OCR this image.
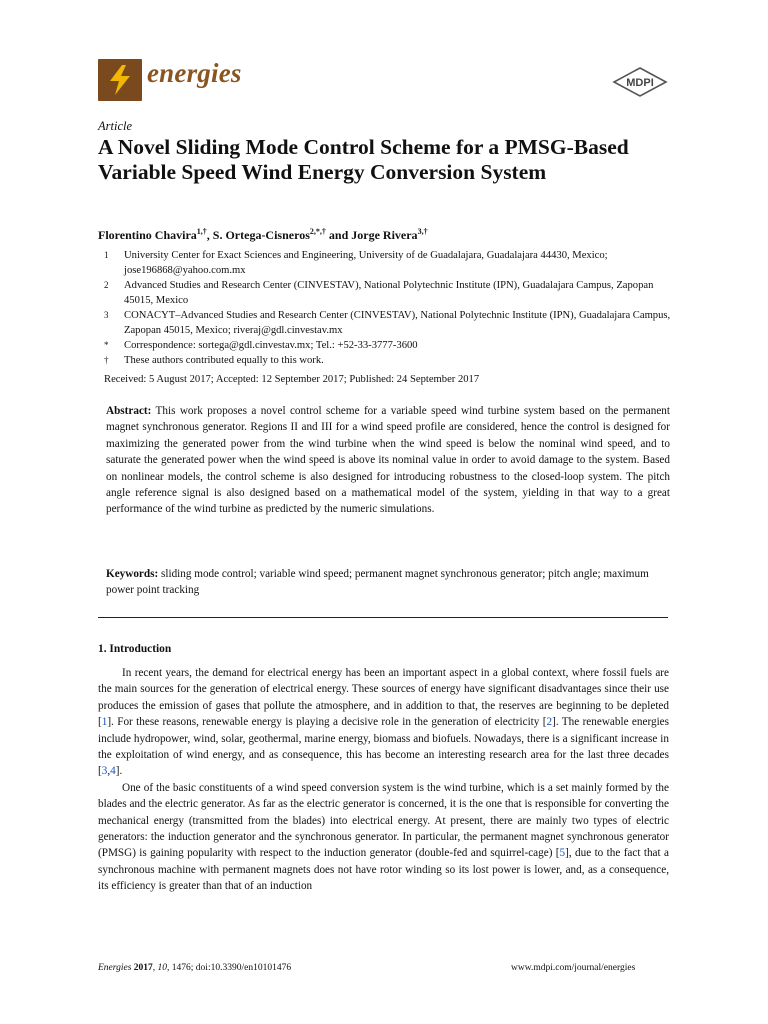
energies	MDPI
Article
A Novel Sliding Mode Control Scheme for a PMSG-Based Variable Speed Wind Energy Conversion System
Florentino Chavira$^{1,\dagger}$, S. Ortega-Cisneros$^{2,*,\dagger}$ and Jorge Rivera$^{3,\dagger}$
1 University Center for Exact Sciences and Engineering, University of de Guadalajara, Guadalajara 44430, Mexico; jose196868@yahoo.com.mx
2 Advanced Studies and Research Center (CINVESTAV), National Polytechnic Institute (IPN), Guadalajara Campus, Zapopan 45015, Mexico
3 CONACYT–Advanced Studies and Research Center (CINVESTAV), National Polytechnic Institute (IPN), Guadalajara Campus, Zapopan 45015, Mexico; riveraj@gdl.cinvestav.mx
* Correspondence: sortega@gdl.cinvestav.mx; Tel.: +52-33-3777-3600
† These authors contributed equally to this work.
Received: 5 August 2017; Accepted: 12 September 2017; Published: 24 September 2017
Abstract: This work proposes a novel control scheme for a variable speed wind turbine system based on the permanent magnet synchronous generator. Regions II and III for a wind speed profile are considered, hence the control is designed for maximizing the generated power from the wind turbine when the wind speed is below the nominal wind speed, and to saturate the generated power when the wind speed is above its nominal value in order to avoid damage to the system. Based on nonlinear models, the control scheme is also designed for introducing robustness to the closed-loop system. The pitch angle reference signal is also designed based on a mathematical model of the system, yielding in that way to a great performance of the wind turbine as predicted by the numeric simulations.
Keywords: sliding mode control; variable wind speed; permanent magnet synchronous generator; pitch angle; maximum power point tracking
1. Introduction

In recent years, the demand for electrical energy has been an important aspect in a global context, where fossil fuels are the main sources for the generation of electrical energy. These sources of energy have significant disadvantages since their use produces the emission of gases that pollute the atmosphere, and in addition to that, the reserves are beginning to be depleted [1]. For these reasons, renewable energy is playing a decisive role in the generation of electricity [2]. The renewable energies include hydropower, wind, solar, geothermal, marine energy, biomass and biofuels. Nowadays, there is a significant increase in the exploitation of wind energy, and as consequence, this has become an interesting research area for the last three decades [3,4].

One of the basic constituents of a wind speed conversion system is the wind turbine, which is a set mainly formed by the blades and the electric generator. As far as the electric generator is concerned, it is the one that is responsible for converting the mechanical energy (transmitted from the blades) into electrical energy. At present, there are mainly two types of electric generators: the induction generator and the synchronous generator. In particular, the permanent magnet synchronous generator (PMSG) is gaining popularity with respect to the induction generator (double-fed and squirrel-cage) [5], due to the fact that a synchronous machine with permanent magnets does not have rotor winding so its lost power is lower, and, as a consequence, its efficiency is greater than that of an induction

Energies 2017, 10, 1476; doi:10.3390/en10101476	www.mdpi.com/journal/energies
